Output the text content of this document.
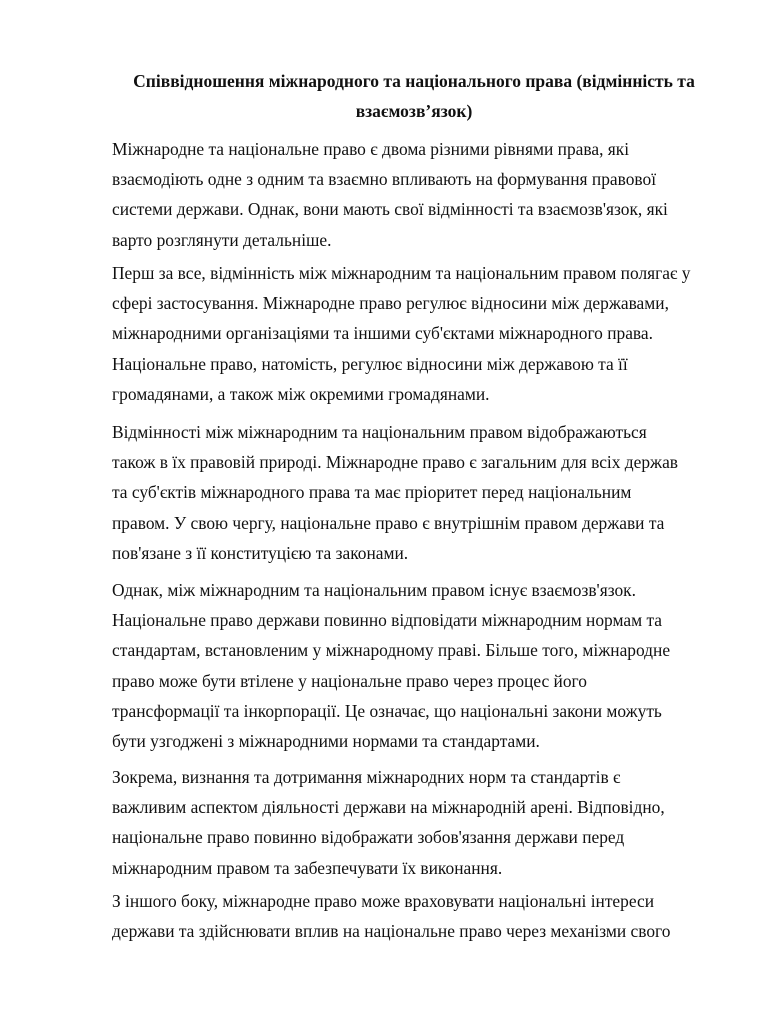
Співвідношення міжнародного та національного права (відмінність та
взаємозв’язок)

Міжнародне та національне право є двома різними рівнями права, які
взаємодіють одне з одним та взаємно впливають на формування правової
системи держави. Однак, вони мають свої відмінності та взаємозв'язок, які
варто розглянути детальніше.

Перш за все, відмінність між міжнародним та національним правом полягає у
сфері застосування. Міжнародне право регулює відносини між державами,
міжнародними організаціями та іншими суб'єктами міжнародного права.
Національне право, натомість, регулює відносини між державою та її
громадянами, а також між окремими громадянами.

Відмінності між міжнародним та національним правом відображаються
також в їх правовій природі. Міжнародне право є загальним для всіх держав
та суб'єктів міжнародного права та має пріоритет перед національним
правом. У свою чергу, національне право є внутрішнім правом держави та
пов'язане з її конституцією та законами.

Однак, між міжнародним та національним правом існує взаємозв'язок.
Національне право держави повинно відповідати міжнародним нормам та
стандартам, встановленим у міжнародному праві. Більше того, міжнародне
право може бути втілене у національне право через процес його
трансформації та інкорпорації. Це означає, що національні закони можуть
бути узгоджені з міжнародними нормами та стандартами.

Зокрема, визнання та дотримання міжнародних норм та стандартів є
важливим аспектом діяльності держави на міжнародній арені. Відповідно,
національне право повинно відображати зобов'язання держави перед
міжнародним правом та забезпечувати їх виконання.

З іншого боку, міжнародне право може враховувати національні інтереси
держави та здійснювати вплив на національне право через механізми свого
